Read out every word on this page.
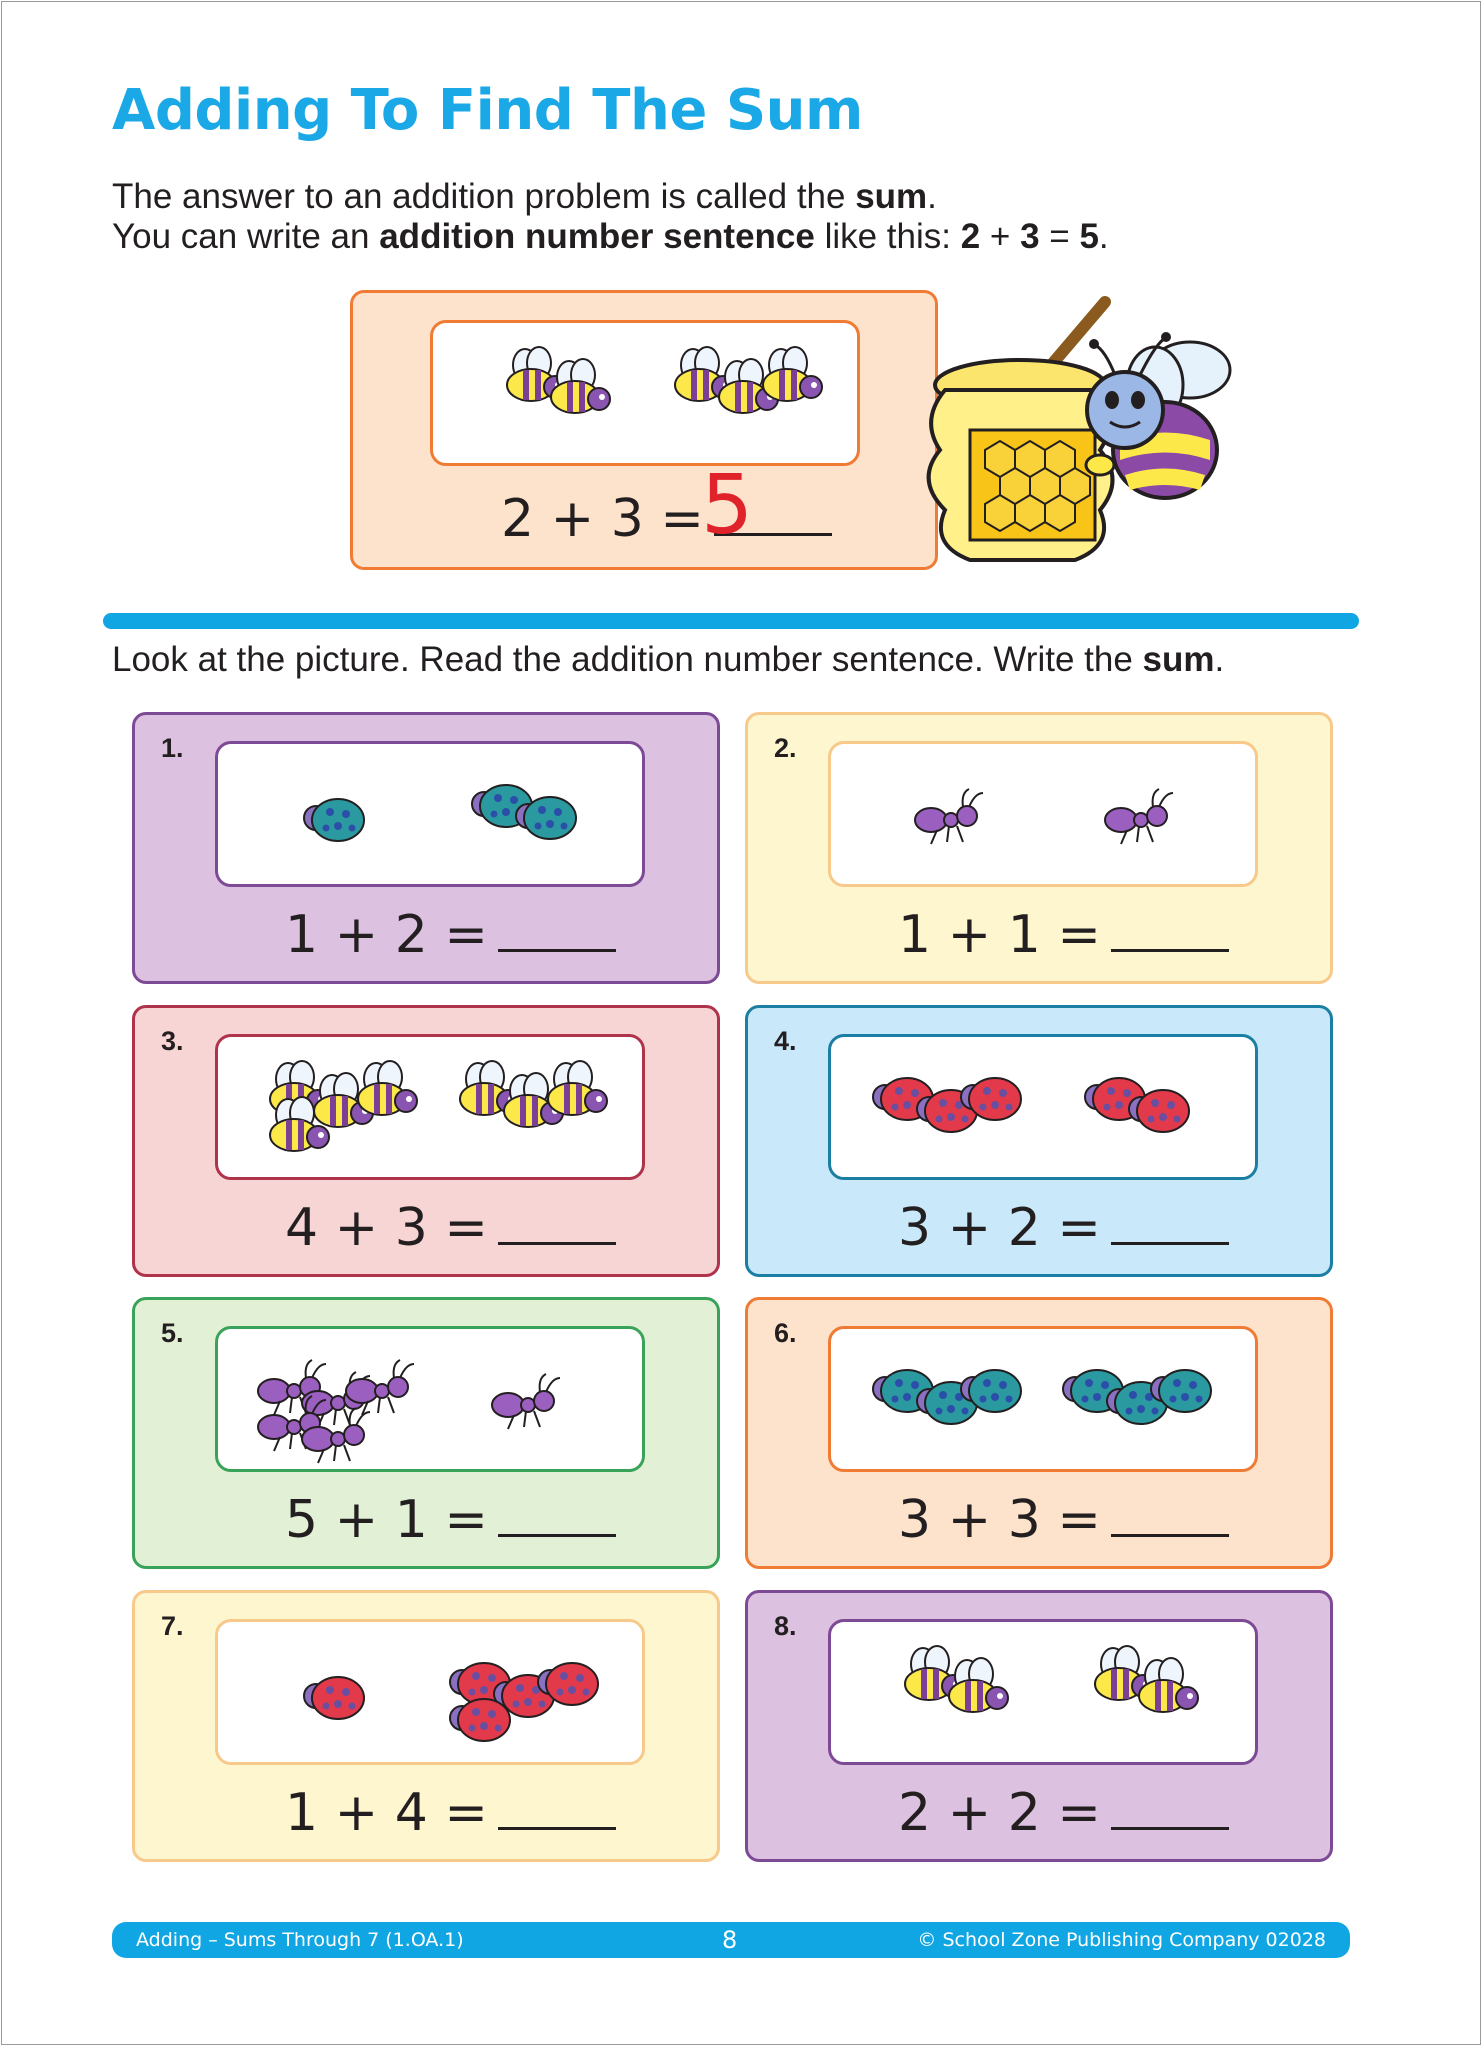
Adding To Find The Sum
The answer to an addition problem is called the sum.
You can write an addition number sentence like this: 2 + 3 = 5.
2 + 3 =
5
Look at the picture. Read the addition number sentence. Write the sum.
1.
1 + 2 =
2.
1 + 1 =
3.
4 + 3 =
4.
3 + 2 =
5.
5 + 1 =
6.
3 + 3 =
7.
1 + 4 =
8.
2 + 2 =
Adding – Sums Through 7 (1.OA.1)	8	© School Zone Publishing Company 02028
